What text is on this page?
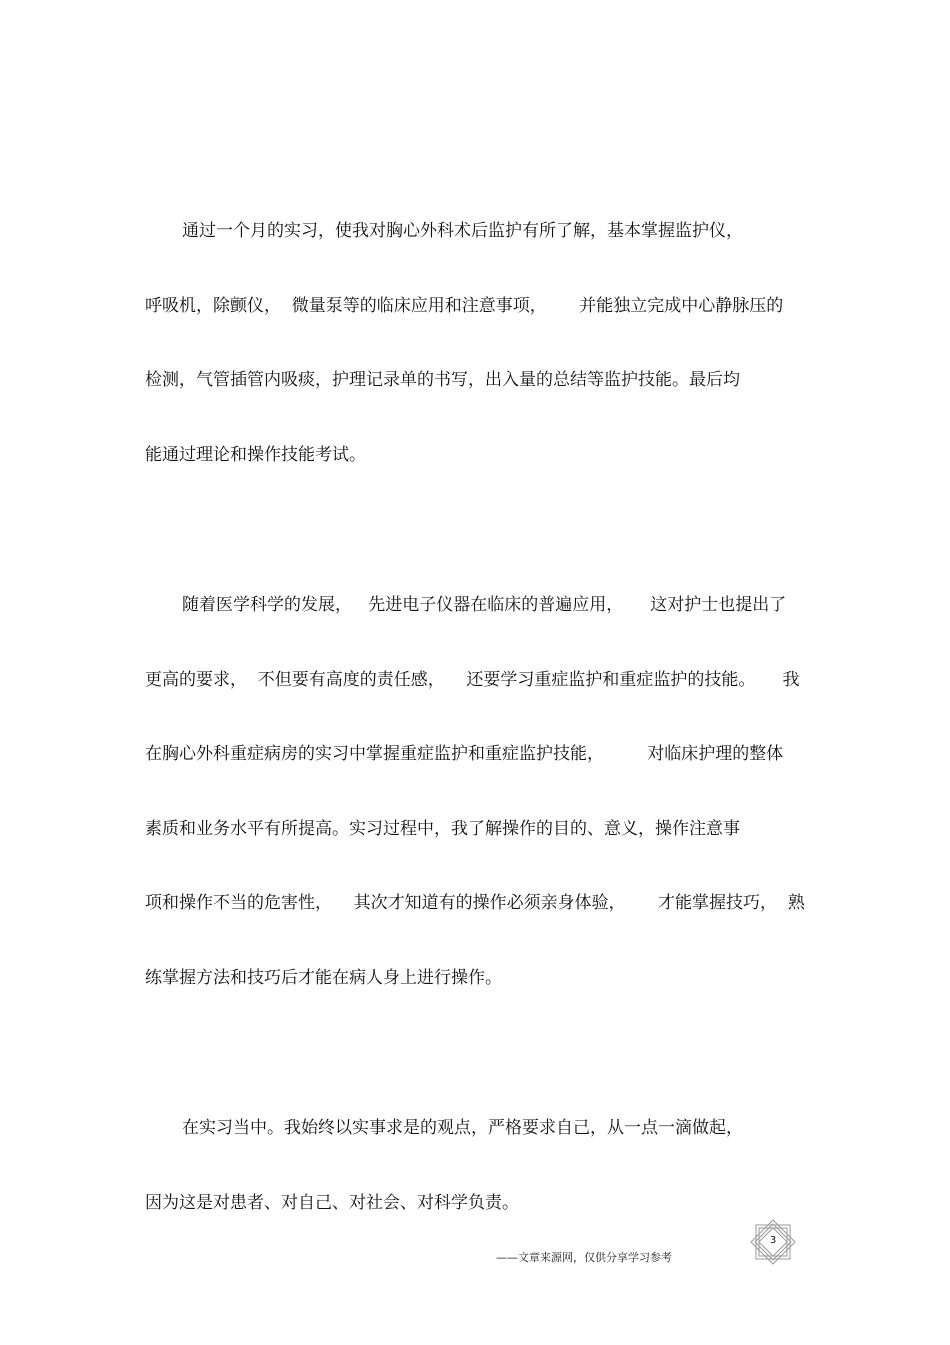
通过一个月的实习，使我对胸心外科术后监护有所了解，基本掌握监护仪，
呼吸机，除颤仪，  微量泵等的临床应用和注意事项，      并能独立完成中心静脉压的
检测，气管插管内吸痰，护理记录单的书写，出入量的总结等监护技能。最后均
能通过理论和操作技能考试。
随着医学科学的发展，   先进电子仪器在临床的普遍应用，     这对护士也提出了
更高的要求，  不但要有高度的责任感，    还要学习重症监护和重症监护的技能。     我
在胸心外科重症病房的实习中掌握重症监护和重症监护技能，        对临床护理的整体
素质和业务水平有所提高。实习过程中，我了解操作的目的、意义，操作注意事
项和操作不当的危害性，    其次才知道有的操作必须亲身体验，      才能掌握技巧，  熟
练掌握方法和技巧后才能在病人身上进行操作。
在实习当中。我始终以实事求是的观点，严格要求自己，从一点一滴做起，
因为这是对患者、对自己、对社会、对科学负责。
——文章来源网，仅供分享学习参考
3
